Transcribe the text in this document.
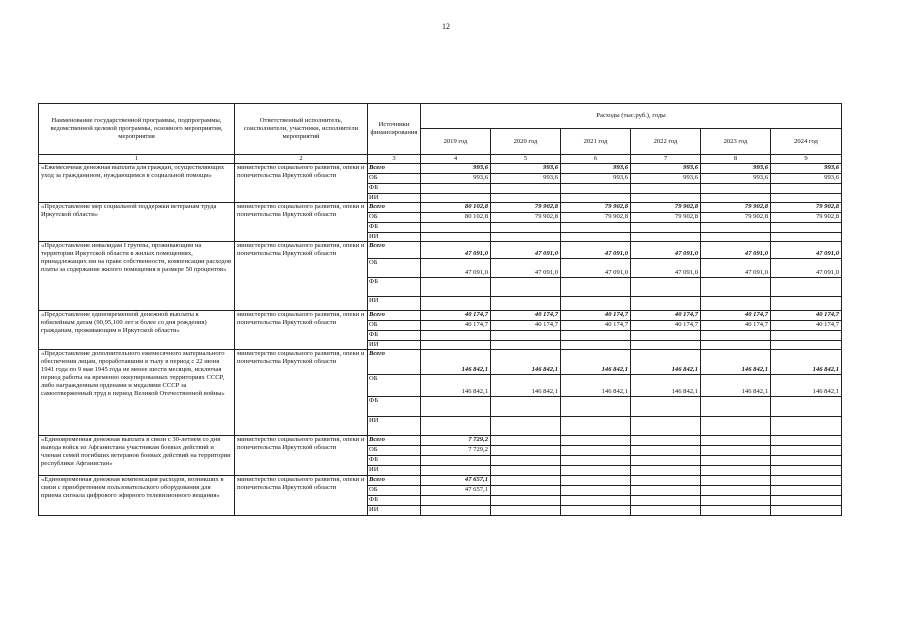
12
Наименование государственной программы, подпрограммы, ведомственной целевой программы, основного мероприятия, мероприятия	Ответственный исполнитель, соисполнители, участники, исполнители мероприятий	Источники финансирования	Расходы (тыс.руб.), годы					
			2019 год	2020 год	2021 год	2022 год	2023 год	2024 год
1	2	3	4	5	6	7	8	9
«Ежемесячная денежная выплата для граждан, осуществляющих уход за гражданином, нуждающимся в социальной помощи»	министерство социального развития, опеки и попечительства Иркутской области	Всего	993,6	993,6	993,6	993,6	993,6	993,6
		ОБ	993,6	993,6	993,6	993,6	993,6	993,6
		ФБ						
		ИИ						
«Предоставление мер социальной поддержки ветеранам труда Иркутской области»	министерство социального развития, опеки и попечительства Иркутской области	Всего	80 102,8	79 902,8	79 902,8	79 902,8	79 902,8	79 902,8
		ОБ	80 102,8	79 902,8	79 902,8	79 902,8	79 902,8	79 902,8
		ФБ						
		ИИ						
«Предоставление инвалидам I группы, проживающим на территории Иркутской области в жилых помещениях, принадлежащих им на праве собственности, компенсации расходов платы за содержание жилого помещения в размере 50 процентов»	министерство социального развития, опеки и попечительства Иркутской области	Всего	47 091,0	47 091,0	47 091,0	47 091,0	47 091,0	47 091,0
		ОБ	47 091,0	47 091,0	47 091,0	47 091,0	47 091,0	47 091,0
		ФБ						
		ИИ						
«Предоставление единовременной денежной выплаты к юбилейным датам (90,95,100 лет и более со дня рождения) гражданам, проживающим в Иркутской области»	министерство социального развития, опеки и попечительства Иркутской области	Всего	40 174,7	40 174,7	40 174,7	40 174,7	40 174,7	40 174,7
		ОБ	40 174,7	40 174,7	40 174,7	40 174,7	40 174,7	40 174,7
		ФБ						
		ИИ						
«Предоставление дополнительного ежемесячного материального обеспечения лицам, проработавшим в тылу в период с 22 июня 1941 года по 9 мая 1945 года не менее шести месяцев, исключая период работы на временно оккупированных территориях СССР, либо награжденным орденами и медалями СССР за самоотверженный труд в период Великой Отечественной войны»	министерство социального развития, опеки и попечительства Иркутской области	Всего	146 842,1	146 842,1	146 842,1	146 842,1	146 842,1	146 842,1
		ОБ	146 842,1	146 842,1	146 842,1	146 842,1	146 842,1	146 842,1
		ФБ						
		ИИ						
«Единовременная денежная выплата в связи с 30-летием со дня вывода войск из Афганистана участникам боевых действий и членам семей погибших ветеранов боевых действий на территории республики Афганистан»	министерство социального развития, опеки и попечительства Иркутской области	Всего	7 729,2					
		ОБ	7 729,2					
		ФБ						
		ИИ						
«Единовременная денежная компенсация расходов, возникших в связи с приобретением пользовательского оборудования для приема сигнала цифрового эфирного телевизионного вещания»	министерство социального развития, опеки и попечительства Иркутской области	Всего	47 657,1					
		ОБ	47 657,1					
		ФБ						
		ИИ						
